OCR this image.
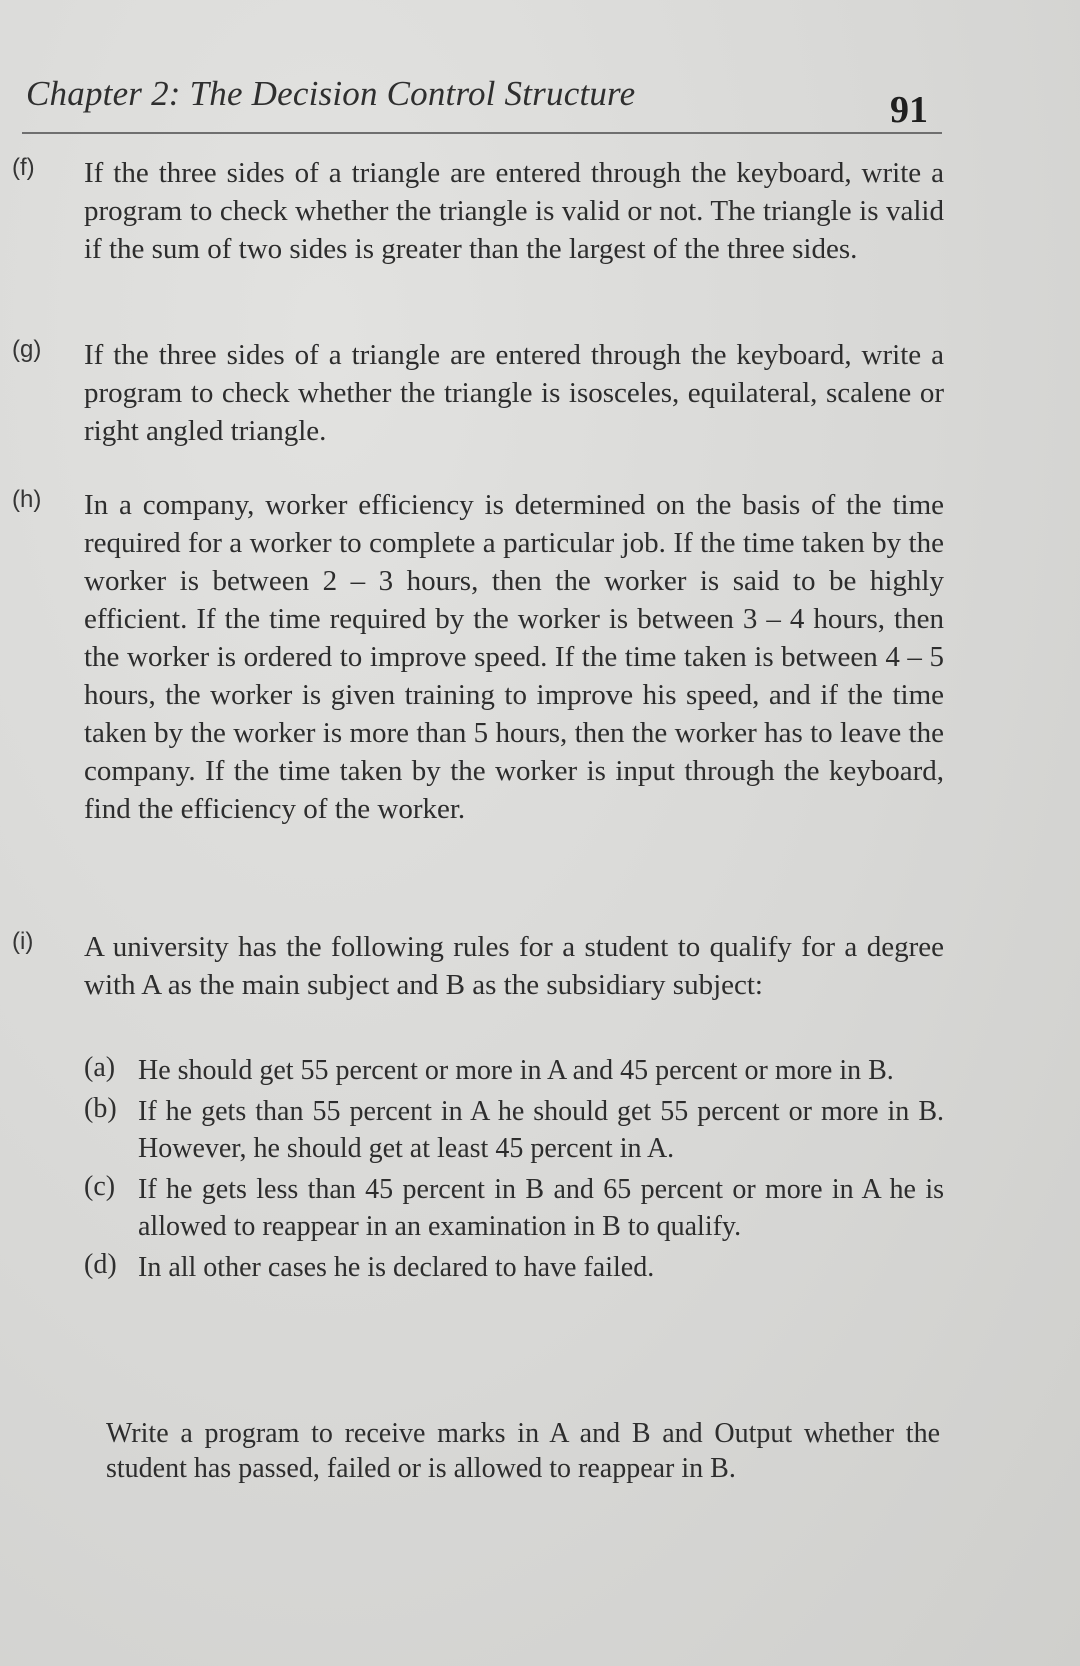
Chapter 2: The Decision Control Structure	91
(f) If the three sides of a triangle are entered through the keyboard, write a program to check whether the triangle is valid or not. The triangle is valid if the sum of two sides is greater than the largest of the three sides.
(g) If the three sides of a triangle are entered through the keyboard, write a program to check whether the triangle is isosceles, equilateral, scalene or right angled triangle.
(h) In a company, worker efficiency is determined on the basis of the time required for a worker to complete a particular job. If the time taken by the worker is between 2 – 3 hours, then the worker is said to be highly efficient. If the time required by the worker is between 3 – 4 hours, then the worker is ordered to improve speed. If the time taken is between 4 – 5 hours, the worker is given training to improve his speed, and if the time taken by the worker is more than 5 hours, then the worker has to leave the company. If the time taken by the worker is input through the keyboard, find the efficiency of the worker.
(i) A university has the following rules for a student to qualify for a degree with A as the main subject and B as the subsidiary subject:
(a) He should get 55 percent or more in A and 45 percent or more in B.
(b) If he gets than 55 percent in A he should get 55 percent or more in B. However, he should get at least 45 percent in A.
(c) If he gets less than 45 percent in B and 65 percent or more in A he is allowed to reappear in an examination in B to qualify.
(d) In all other cases he is declared to have failed.
Write a program to receive marks in A and B and Output whether the student has passed, failed or is allowed to reappear in B.
